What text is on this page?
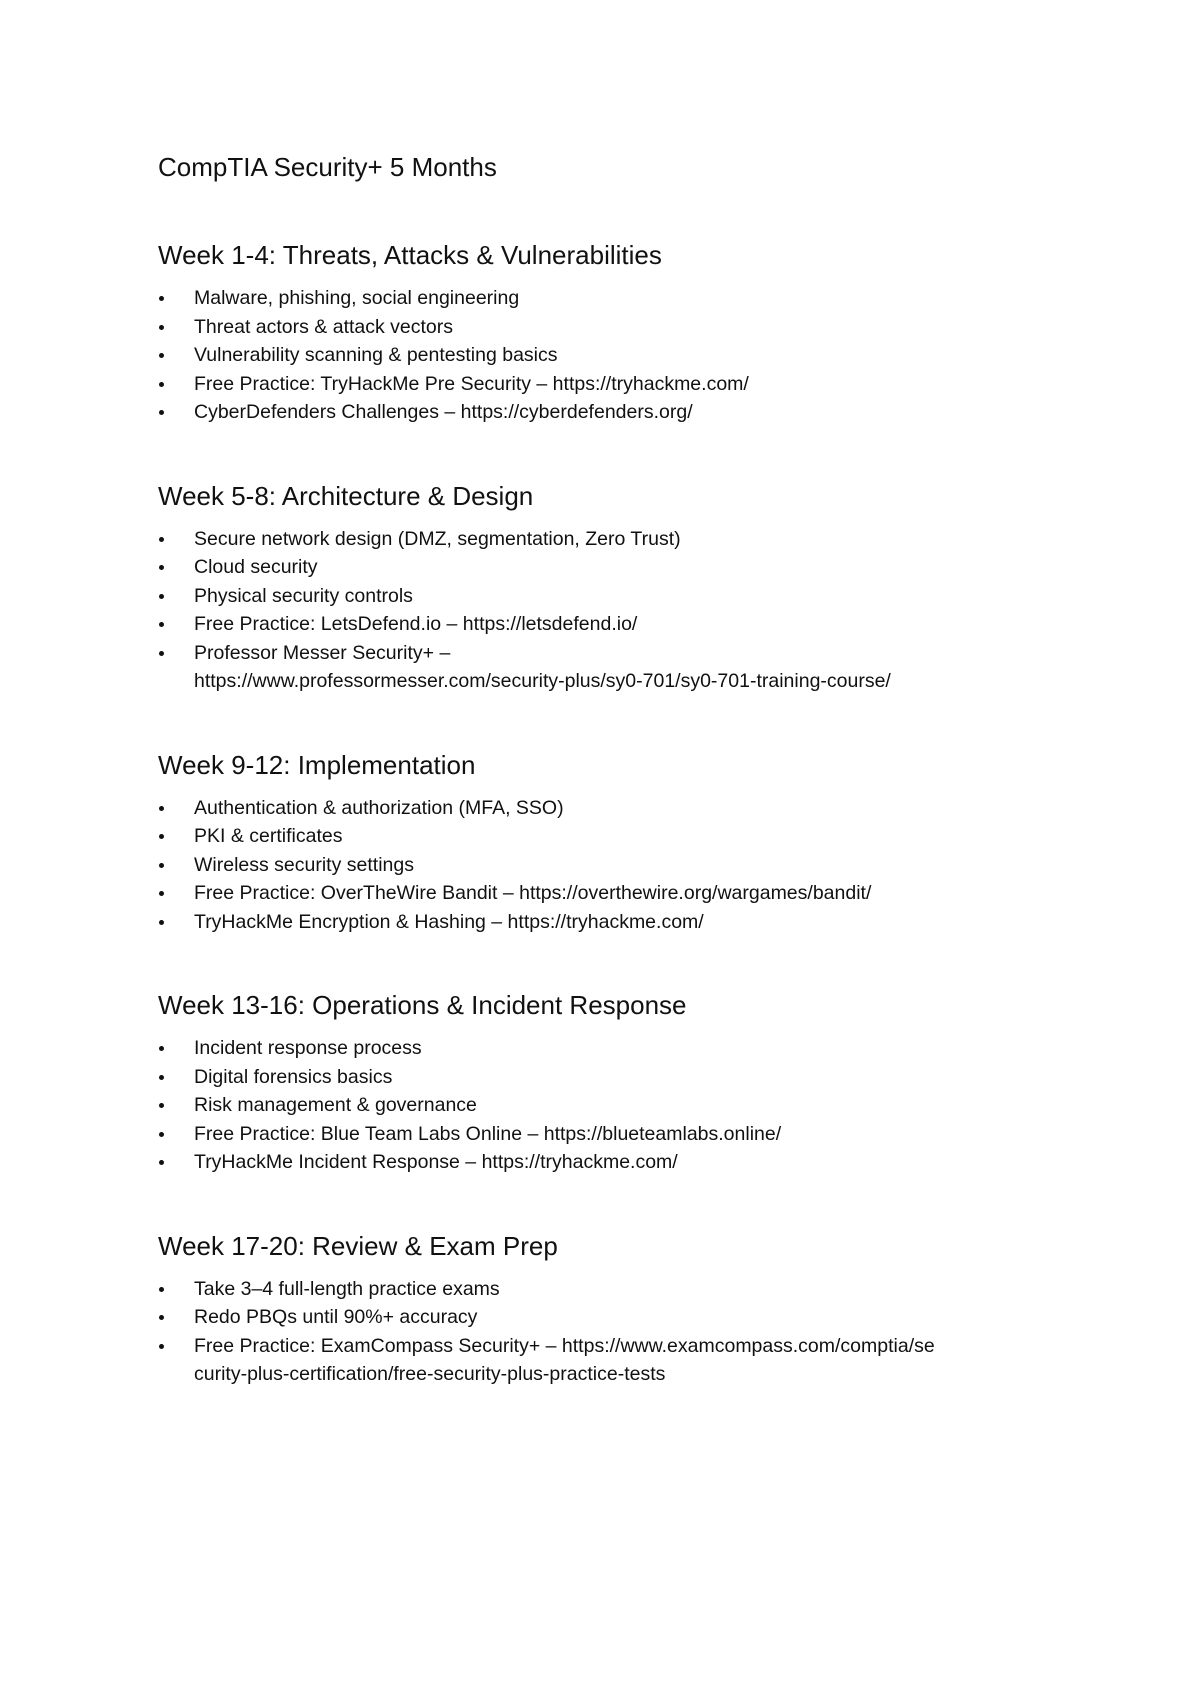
CompTIA Security+ 5 Months
Week 1-4: Threats, Attacks & Vulnerabilities
Malware, phishing, social engineering
Threat actors & attack vectors
Vulnerability scanning & pentesting basics
Free Practice: TryHackMe Pre Security – https://tryhackme.com/
CyberDefenders Challenges – https://cyberdefenders.org/
Week 5-8: Architecture & Design
Secure network design (DMZ, segmentation, Zero Trust)
Cloud security
Physical security controls
Free Practice: LetsDefend.io – https://letsdefend.io/
Professor Messer Security+ –
https://www.professormesser.com/security-plus/sy0-701/sy0-701-training-course/
Week 9-12: Implementation
Authentication & authorization (MFA, SSO)
PKI & certificates
Wireless security settings
Free Practice: OverTheWire Bandit – https://overthewire.org/wargames/bandit/
TryHackMe Encryption & Hashing – https://tryhackme.com/
Week 13-16: Operations & Incident Response
Incident response process
Digital forensics basics
Risk management & governance
Free Practice: Blue Team Labs Online – https://blueteamlabs.online/
TryHackMe Incident Response – https://tryhackme.com/
Week 17-20: Review & Exam Prep
Take 3–4 full-length practice exams
Redo PBQs until 90%+ accuracy
Free Practice: ExamCompass Security+ – https://www.examcompass.com/comptia/se
curity-plus-certification/free-security-plus-practice-tests
